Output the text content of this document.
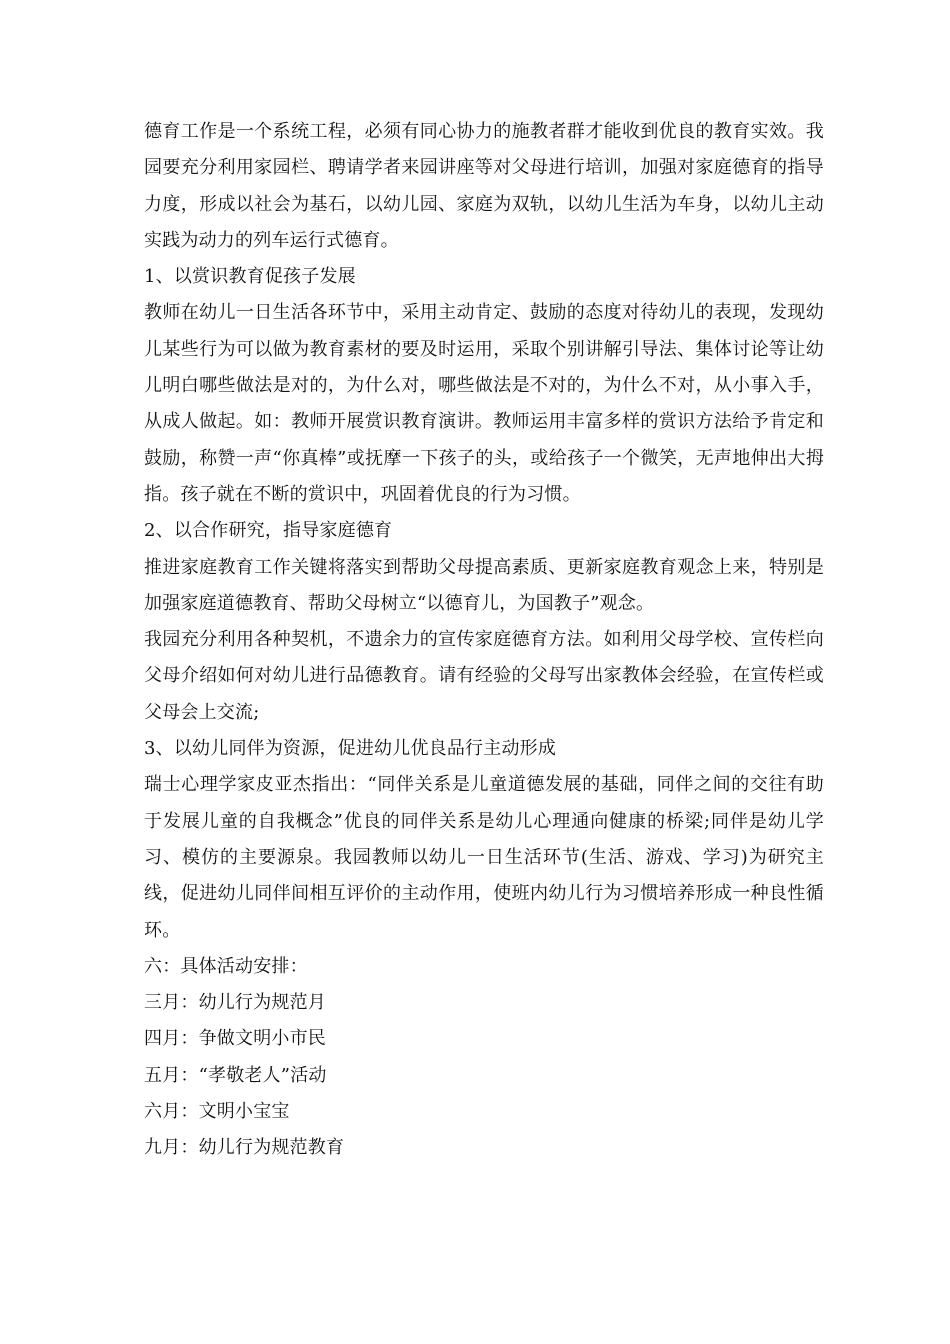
德育工作是一个系统工程，必须有同心协力的施教者群才能收到优良的教育实效。我园要充分利用家园栏、聘请学者来园讲座等对父母进行培训，加强对家庭德育的指导力度，形成以社会为基石，以幼儿园、家庭为双轨，以幼儿生活为车身，以幼儿主动实践为动力的列车运行式德育。

1、以赏识教育促孩子发展

教师在幼儿一日生活各环节中，采用主动肯定、鼓励的态度对待幼儿的表现，发现幼儿某些行为可以做为教育素材的要及时运用，采取个别讲解引导法、集体讨论等让幼儿明白哪些做法是对的，为什么对，哪些做法是不对的，为什么不对，从小事入手，从成人做起。如：教师开展赏识教育演讲。教师运用丰富多样的赏识方法给予肯定和鼓励，称赞一声“你真棒”或抚摩一下孩子的头，或给孩子一个微笑，无声地伸出大拇指。孩子就在不断的赏识中，巩固着优良的行为习惯。

2、以合作研究，指导家庭德育

推进家庭教育工作关键将落实到帮助父母提高素质、更新家庭教育观念上来，特别是加强家庭道德教育、帮助父母树立“以德育儿，为国教子”观念。

我园充分利用各种契机，不遗余力的宣传家庭德育方法。如利用父母学校、宣传栏向父母介绍如何对幼儿进行品德教育。请有经验的父母写出家教体会经验，在宣传栏或父母会上交流;

3、以幼儿同伴为资源，促进幼儿优良品行主动形成

瑞士心理学家皮亚杰指出：“同伴关系是儿童道德发展的基础，同伴之间的交往有助于发展儿童的自我概念”优良的同伴关系是幼儿心理通向健康的桥梁;同伴是幼儿学习、模仿的主要源泉。我园教师以幼儿一日生活环节(生活、游戏、学习)为研究主线，促进幼儿同伴间相互评价的主动作用，使班内幼儿行为习惯培养形成一种良性循环。

六：具体活动安排：

三月：幼儿行为规范月

四月：争做文明小市民

五月：“孝敬老人”活动

六月：文明小宝宝

九月：幼儿行为规范教育
